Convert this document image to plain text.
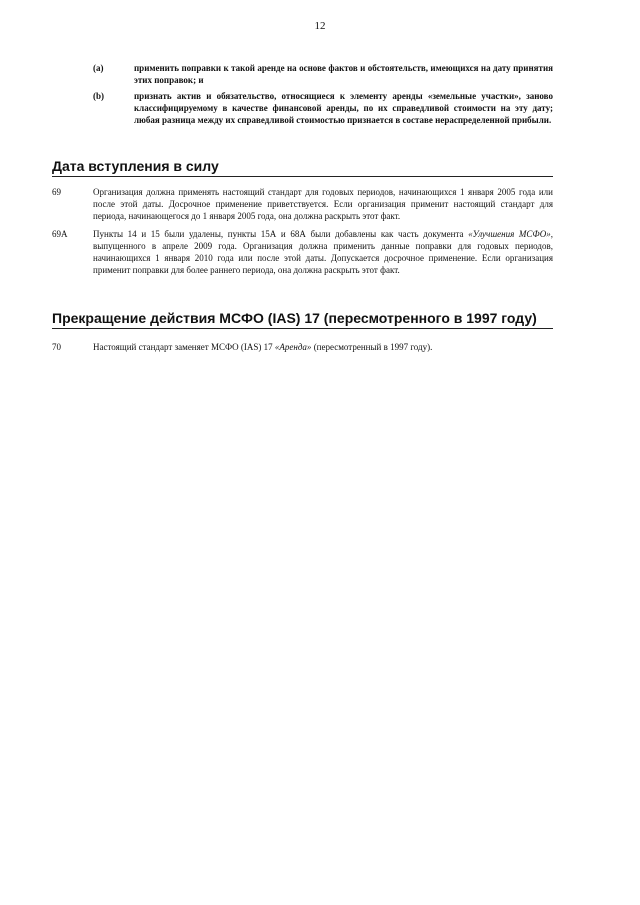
12
(a)	применить поправки к такой аренде на основе фактов и обстоятельств, имеющихся на дату принятия этих поправок; и
(b)	признать актив и обязательство, относящиеся к элементу аренды «земельные участки», заново классифицируемому в качестве финансовой аренды, по их справедливой стоимости на эту дату; любая разница между их справедливой стоимостью признается в составе нераспределенной прибыли.
Дата вступления в силу
69	Организация должна применять настоящий стандарт для годовых периодов, начинающихся 1 января 2005 года или после этой даты. Досрочное применение приветствуется. Если организация применит настоящий стандарт для периода, начинающегося до 1 января 2005 года, она должна раскрыть этот факт.
69A	Пункты 14 и 15 были удалены, пункты 15А и 68А были добавлены как часть документа «Улучшения МСФО», выпущенного в апреле 2009 года. Организация должна применить данные поправки для годовых периодов, начинающихся 1 января 2010 года или после этой даты. Допускается досрочное применение. Если организация применит поправки для более раннего периода, она должна раскрыть этот факт.
Прекращение действия МСФО (IAS) 17 (пересмотренного в 1997 году)
70	Настоящий стандарт заменяет МСФО (IAS) 17 «Аренда» (пересмотренный в 1997 году).
